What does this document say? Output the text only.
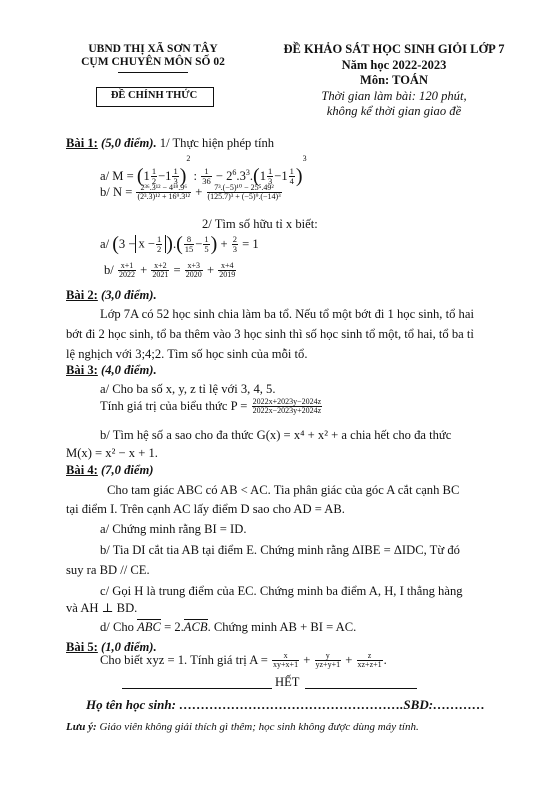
UBND THỊ XÃ SƠN TÂY
CỤM CHUYÊN MÔN SỐ 02
ĐỀ CHÍNH THỨC
ĐỀ KHẢO SÁT HỌC SINH GIỎI LỚP 7
Năm học 2022-2023
Môn: TOÁN
Thời gian làm bài: 120 phút,
không kể thời gian giao đề
Bài 1: (5,0 điểm). 1/ Thực hiện phép tính
a/ $M = (1 \frac{1}{2} -1 \frac{1}{3} )^2$ : $\frac{1}{36} - 2^6.3^3.(1 \frac{1}{3} -1 \frac{1}{4} )^3$
b/ $N = \frac{\text{2³⁶.3¹² − 4¹⁸.9⁶}}{\text{(2³.3)¹² + 16⁹.3¹²}} + \frac{\text{7³.(−5)¹⁰ − 25⁵.49²}}{\text{(125.7)³ + (−5)⁹.(−14)³}}$
2/ Tìm số hữu tỉ x biết:
a/ ($3 -x - \frac{1}{2}$ ).( $\frac{8}{15} - \frac{1}{5}$ ) + $\frac{2}{3} = 1$
$b/ \frac{x+1}{2022} + \frac{x+2}{2021} = \frac{x+3}{2020} + \frac{x+4}{2019}$
Bài 2: (3,0 điểm).
Lớp 7A có 52 học sinh chia làm ba tổ. Nếu tổ một bớt đi 1 học sinh, tổ hai
bớt đi 2 học sinh, tổ ba thêm vào 3 học sinh thì số học sinh tổ một, tổ hai, tổ ba tỉ
lệ nghịch với 3;4;2. Tìm số học sinh của mỗi tổ.
Bài 3: (4,0 điểm).
a/ Cho ba số x, y, z tỉ lệ với 3, 4, 5.
Tính giá trị của biểu thức $P = \frac{2022x+2023y-2024z}{2022x-2023y+2024z}$
b/ Tìm hệ số a sao cho đa thức G(x) = x⁴ + x² + a chia hết cho đa thức
M(x) = x² − x + 1.
Bài 4: (7,0 điểm)
Cho tam giác ABC có AB < AC. Tia phân giác của góc A cắt cạnh BC
tại điểm I. Trên cạnh AC lấy điểm D sao cho AD = AB.
a/ Chứng minh rằng BI = ID.
b/ Tia DI cắt tia AB tại điểm E. Chứng minh rằng ΔIBE = ΔIDC, Từ đó
suy ra BD // CE.
c/ Gọi H là trung điểm của EC. Chứng minh ba điểm A, H, I thẳng hàng
và AH ⊥ BD.
d/ Cho ABC = 2.ACB. Chứng minh AB + BI = AC.
Bài 5: (1,0 điểm).
Cho biết xyz = 1. Tính giá trị $A = \frac{x}{xy+x+1} + \frac{y}{yz+y+1} + \frac{z}{xz+z+1}$ .
HẾT
Họ tên học sinh: …………………………………………….SBD:…………
Lưu ý: Giáo viên không giải thích gì thêm; học sinh không được dùng máy tính.
